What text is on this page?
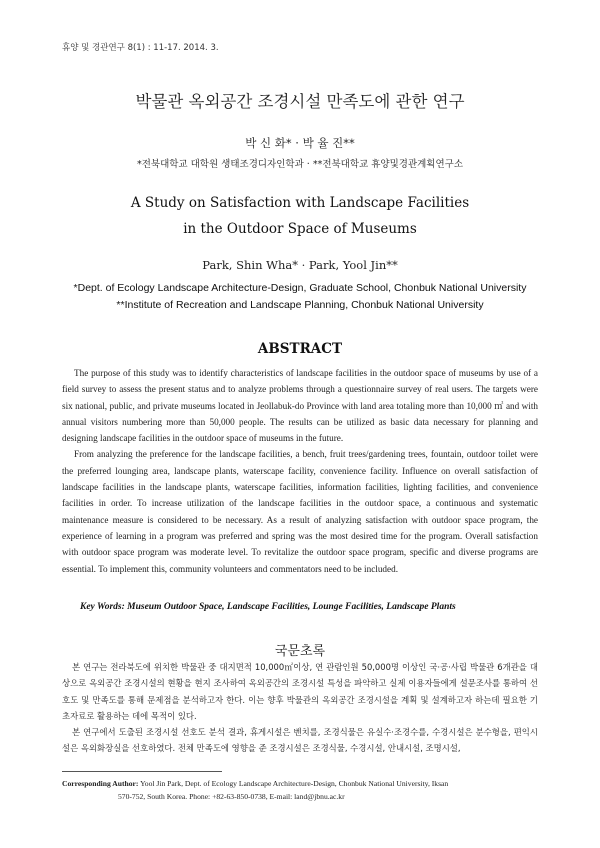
휴양 및 경관연구 8(1) : 11-17. 2014. 3.
박물관 옥외공간 조경시설 만족도에 관한 연구
박 신 화* · 박 율 진**
*전북대학교 대학원 생태조경디자인학과 · **전북대학교 휴양및경관계획연구소
A Study on Satisfaction with Landscape Facilities
in the Outdoor Space of Museums
Park, Shin Wha* · Park, Yool Jin**
*Dept. of Ecology Landscape Architecture-Design, Graduate School, Chonbuk National University
**Institute of Recreation and Landscape Planning, Chonbuk National University
ABSTRACT

The purpose of this study was to identify characteristics of landscape facilities in the outdoor space of museums by use of a field survey to assess the present status and to analyze problems through a questionnaire survey of real users. The targets were six national, public, and private museums located in Jeollabuk-do Province with land area totaling more than 10,000 ㎡ and with annual visitors numbering more than 50,000 people. The results can be utilized as basic data necessary for planning and designing landscape facilities in the outdoor space of museums in the future.

From analyzing the preference for the landscape facilities, a bench, fruit trees/gardening trees, fountain, outdoor toilet were the preferred lounging area, landscape plants, waterscape facility, convenience facility. Influence on overall satisfaction of landscape facilities in the landscape plants, waterscape facilities, information facilities, lighting facilities, and convenience facilities in order. To increase utilization of the landscape facilities in the outdoor space, a continuous and systematic maintenance measure is considered to be necessary. As a result of analyzing satisfaction with outdoor space program, the experience of learning in a program was preferred and spring was the most desired time for the program. Overall satisfaction with outdoor space program was moderate level. To revitalize the outdoor space program, specific and diverse programs are essential. To implement this, community volunteers and commentators need to be included.

Key Words: Museum Outdoor Space, Landscape Facilities, Lounge Facilities, Landscape Plants
국문초록

본 연구는 전라북도에 위치한 박물관 중 대지면적 10,000㎡이상, 연 관람인원 50,000명 이상인 국·공·사립 박물관 6개관을 대상으로 옥외공간 조경시설의 현황을 현지 조사하여 옥외공간의 조경시설 특성을 파악하고 실제 이용자들에게 설문조사를 통하여 선호도 및 만족도를 통해 문제점을 분석하고자 한다. 이는 향후 박물관의 옥외공간 조경시설을 계획 및 설계하고자 하는데 필요한 기초자료로 활용하는 데에 목적이 있다.

본 연구에서 도출된 조경시설 선호도 분석 결과, 휴게시설은 벤치를, 조경식물은 유실수·조경수를, 수경시설은 분수형을, 편익시설은 옥외화장실을 선호하였다. 전체 만족도에 영향을 준 조경시설은 조경식물, 수경시설, 안내시설, 조명시설,

Corresponding Author: Yool Jin Park, Dept. of Ecology Landscape Architecture-Design, Chonbuk National University, Iksan
570-752, South Korea. Phone: +82-63-850-0738, E-mail: land@jbnu.ac.kr
